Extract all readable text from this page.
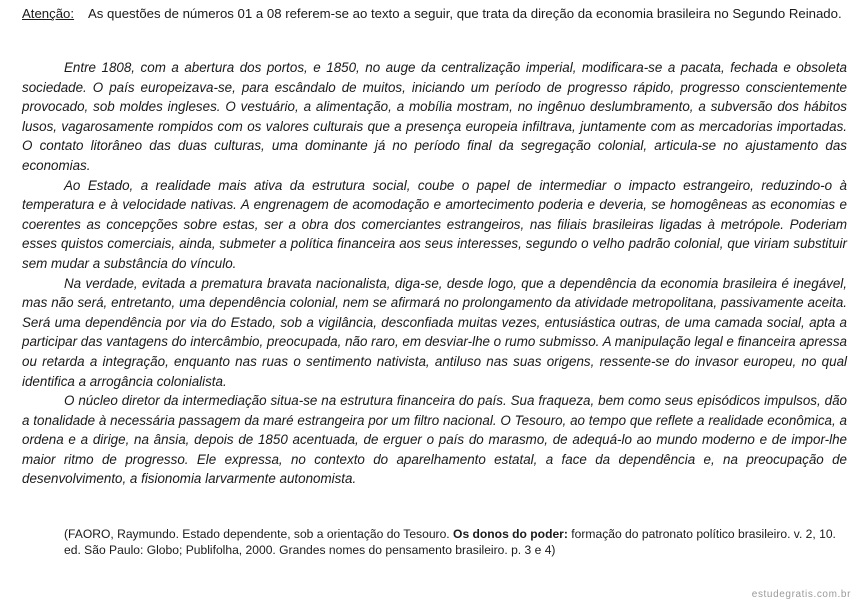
Atenção: As questões de números 01 a 08 referem-se ao texto a seguir, que trata da direção da economia brasileira no Segundo Reinado.

Entre 1808, com a abertura dos portos, e 1850, no auge da centralização imperial, modificara-se a pacata, fechada e obsoleta sociedade. O país europeizava-se, para escândalo de muitos, iniciando um período de progresso rápido, progresso conscientemente provocado, sob moldes ingleses. O vestuário, a alimentação, a mobília mostram, no ingênuo deslumbramento, a subversão dos hábitos lusos, vagarosamente rompidos com os valores culturais que a presença europeia infiltrava, juntamente com as mercadorias importadas. O contato litorâneo das duas culturas, uma dominante já no período final da segregação colonial, articula-se no ajustamento das economias.

Ao Estado, a realidade mais ativa da estrutura social, coube o papel de intermediar o impacto estrangeiro, reduzindo-o à temperatura e à velocidade nativas. A engrenagem de acomodação e amortecimento poderia e deveria, se homogêneas as economias e coerentes as concepções sobre estas, ser a obra dos comerciantes estrangeiros, nas filiais brasileiras ligadas à metrópole. Poderiam esses quistos comerciais, ainda, submeter a política financeira aos seus interesses, segundo o velho padrão colonial, que viriam substituir sem mudar a substância do vínculo.

Na verdade, evitada a prematura bravata nacionalista, diga-se, desde logo, que a dependência da economia brasileira é inegável, mas não será, entretanto, uma dependência colonial, nem se afirmará no prolongamento da atividade metropolitana, passivamente aceita. Será uma dependência por via do Estado, sob a vigilância, desconfiada muitas vezes, entusiástica outras, de uma camada social, apta a participar das vantagens do intercâmbio, preocupada, não raro, em desviar-lhe o rumo submisso. A manipulação legal e financeira apressa ou retarda a integração, enquanto nas ruas o sentimento nativista, antiluso nas suas origens, ressente-se do invasor europeu, no qual identifica a arrogância colonialista.

O núcleo diretor da intermediação situa-se na estrutura financeira do país. Sua fraqueza, bem como seus episódicos impulsos, dão a tonalidade à necessária passagem da maré estrangeira por um filtro nacional. O Tesouro, ao tempo que reflete a realidade econômica, a ordena e a dirige, na ânsia, depois de 1850 acentuada, de erguer o país do marasmo, de adequá-lo ao mundo moderno e de impor-lhe maior ritmo de progresso. Ele expressa, no contexto do aparelhamento estatal, a face da dependência e, na preocupação de desenvolvimento, a fisionomia larvarmente autonomista.

(FAORO, Raymundo. Estado dependente, sob a orientação do Tesouro. Os donos do poder: formação do patronato político brasileiro. v. 2, 10. ed. São Paulo: Globo; Publifolha, 2000. Grandes nomes do pensamento brasileiro. p. 3 e 4)
estudegratis.com.br
